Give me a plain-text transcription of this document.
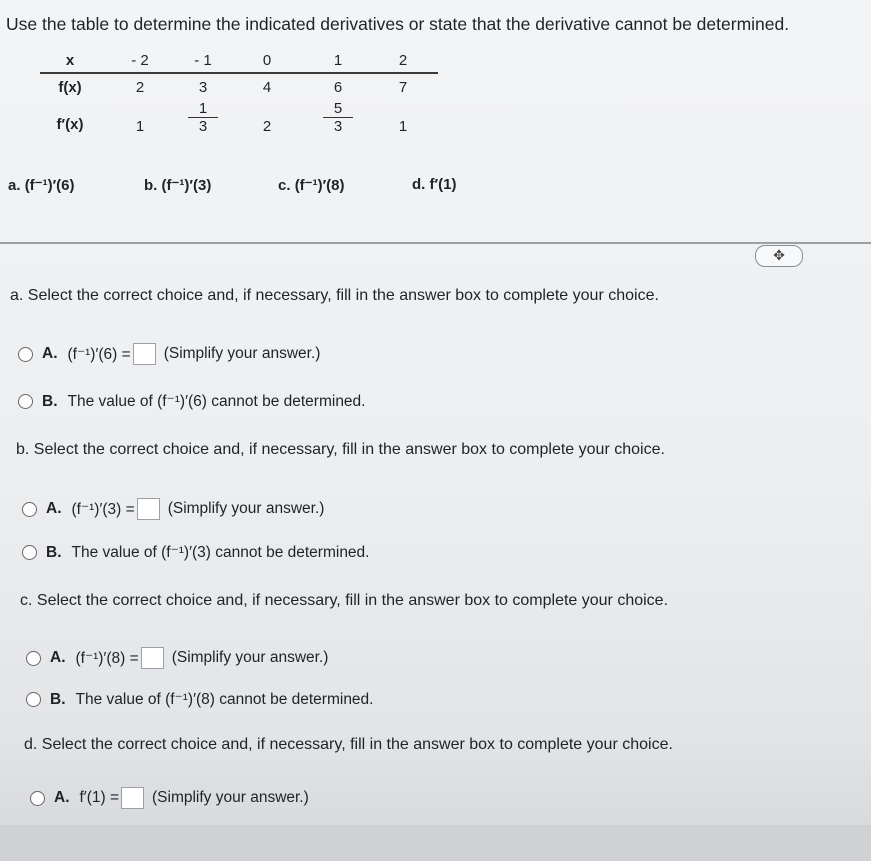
Use the table to determine the indicated derivatives or state that the derivative cannot be determined.
x	- 2	- 1	0	1	2
f(x)	2	3	4	6	7
f′(x)	1	$\frac{1}{3}$	2	$\frac{5}{3}$	1
a. (f⁻¹)′(6)	b. (f⁻¹)′(3)	c. (f⁻¹)′(8)	d. f′(1)
✥
a. Select the correct choice and, if necessary, fill in the answer box to complete your choice.
A. (f⁻¹)′(6) = (Simplify your answer.)
B. The value of (f⁻¹)′(6) cannot be determined.
b. Select the correct choice and, if necessary, fill in the answer box to complete your choice.
A. (f⁻¹)′(3) = (Simplify your answer.)
B. The value of (f⁻¹)′(3) cannot be determined.
c. Select the correct choice and, if necessary, fill in the answer box to complete your choice.
A. (f⁻¹)′(8) = (Simplify your answer.)
B. The value of (f⁻¹)′(8) cannot be determined.
d. Select the correct choice and, if necessary, fill in the answer box to complete your choice.
A. f′(1) = (Simplify your answer.)
